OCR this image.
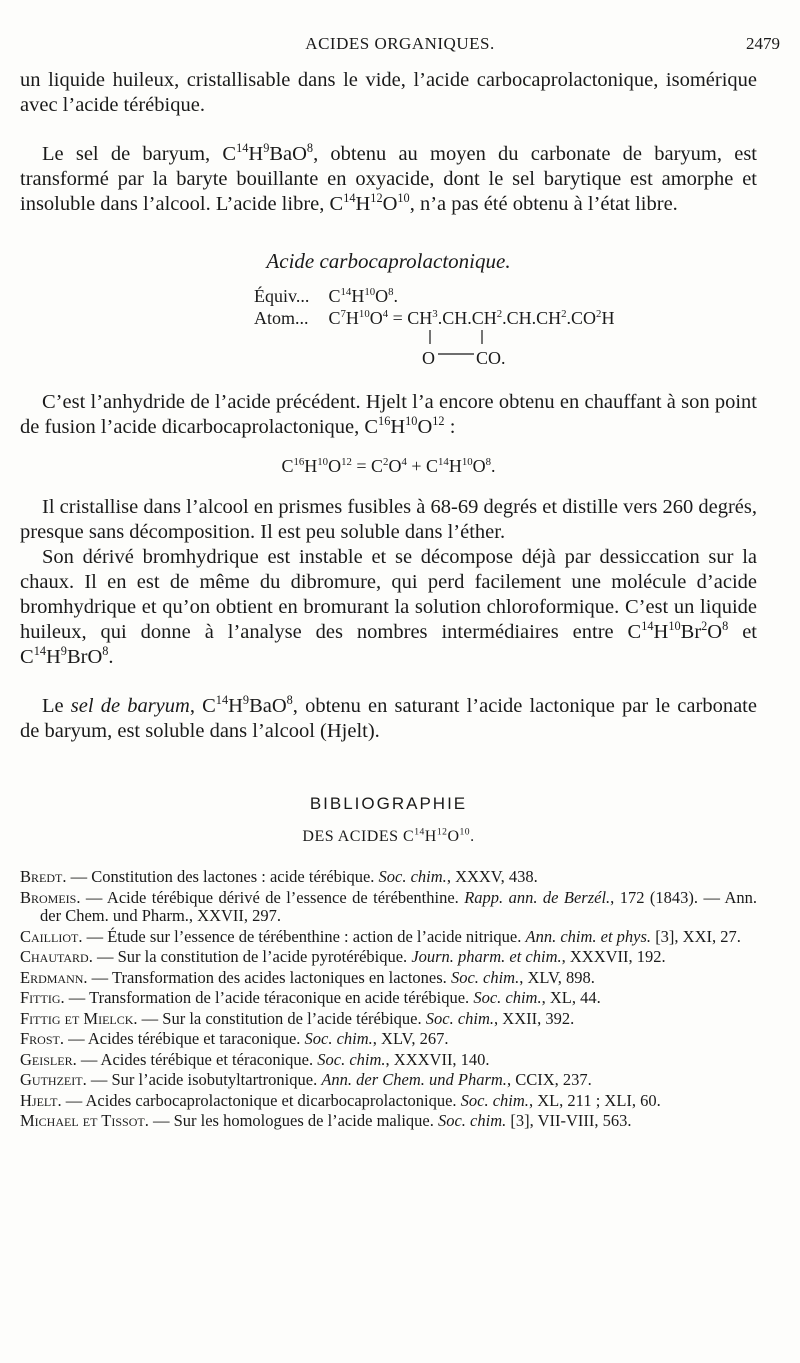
ACIDES ORGANIQUES.	2479

un liquide huileux, cristallisable dans le vide, l’acide carbocaprolactonique, isomérique avec l’acide térébique.

Le sel de baryum, $C^{14}H^9BaO^8$, obtenu au moyen du carbonate de baryum, est transformé par la baryte bouillante en oxyacide, dont le sel barytique est amorphe et insoluble dans l’alcool. L’acide libre, $C^{14}H^{12}O^{10}$, n’a pas été obtenu à l’état libre.

Acide carbocaprolactonique.
Équiv... $C^{14}H^{10}O^8$.
Atom... $C^7H^{10}O^4 = CH^3.CH.CH^2.CH.CH^2.CO^2H$
O CO.

C’est l’anhydride de l’acide précédent. Hjelt l’a encore obtenu en chauffant à son point de fusion l’acide dicarbocaprolactonique, $C^{16}H^{10}O^{12}$ :

$C^{16}H^{10}O^{12} = C^2O^4 + C^{14}H^{10}O^8$.

Il cristallise dans l’alcool en prismes fusibles à 68-69 degrés et distille vers 260 degrés, presque sans décomposition. Il est peu soluble dans l’éther.

Son dérivé bromhydrique est instable et se décompose déjà par dessiccation sur la chaux. Il en est de même du dibromure, qui perd facilement une molécule d’acide bromhydrique et qu’on obtient en bromurant la solution chloroformique. C’est un liquide huileux, qui donne à l’analyse des nombres intermédiaires entre $C^{14}H^{10}Br^2O^8$ et $C^{14}H^9BrO^8$.

Le sel de baryum, $C^{14}H^9BaO^8$, obtenu en saturant l’acide lactonique par le carbonate de baryum, est soluble dans l’alcool (Hjelt).

BIBLIOGRAPHIE
DES ACIDES $C^{14}H^{12}O^{10}$.
Bredt. — Constitution des lactones : acide térébique. Soc. chim., XXXV, 438.
Bromeis. — Acide térébique dérivé de l’essence de térébenthine. Rapp. ann. de Berzél., 172 (1843). — Ann. der Chem. und Pharm., XXVII, 297.
Cailliot. — Étude sur l’essence de térébenthine : action de l’acide nitrique. Ann. chim. et phys. [3], XXI, 27.
Chautard. — Sur la constitution de l’acide pyrotérébique. Journ. pharm. et chim., XXXVII, 192.
Erdmann. — Transformation des acides lactoniques en lactones. Soc. chim., XLV, 898.
Fittig. — Transformation de l’acide téraconique en acide térébique. Soc. chim., XL, 44.
Fittig et Mielck. — Sur la constitution de l’acide térébique. Soc. chim., XXII, 392.
Frost. — Acides térébique et taraconique. Soc. chim., XLV, 267.
Geisler. — Acides térébique et téraconique. Soc. chim., XXXVII, 140.
Guthzeit. — Sur l’acide isobutyltartronique. Ann. der Chem. und Pharm., CCIX, 237.
Hjelt. — Acides carbocaprolactonique et dicarbocaprolactonique. Soc. chim., XL, 211 ; XLI, 60.
Michael et Tissot. — Sur les homologues de l’acide malique. Soc. chim. [3], VII-VIII, 563.
